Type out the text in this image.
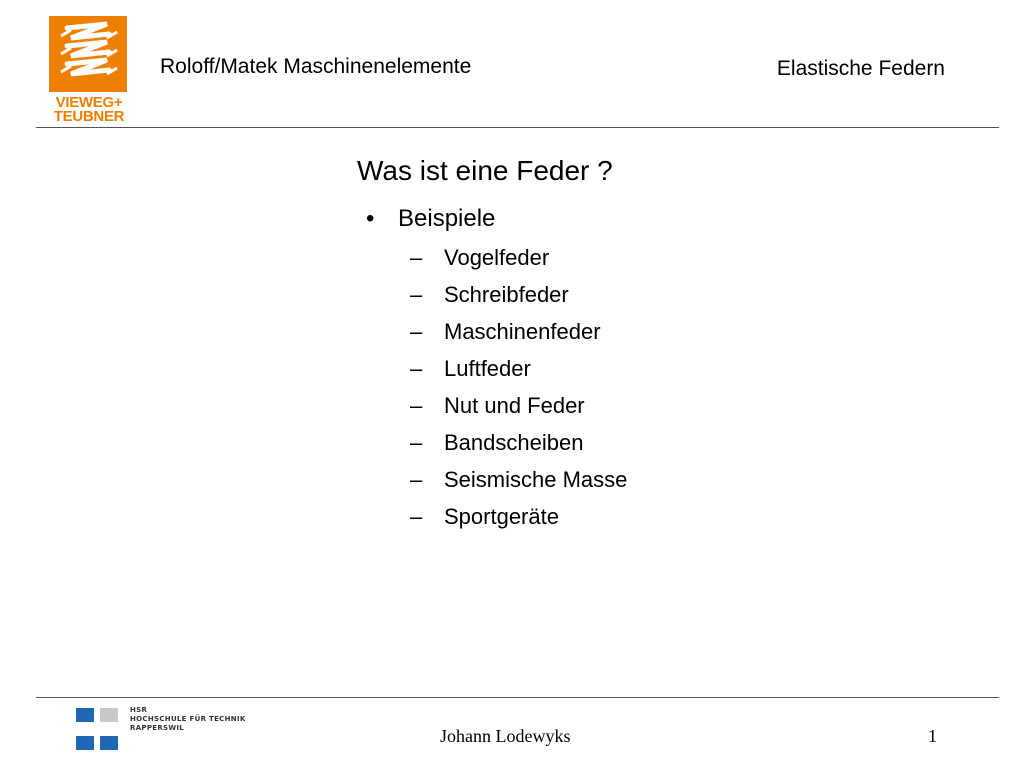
VIEWEG+
TEUBNER
Roloff/Matek Maschinenelemente	Elastische Federn
Was ist eine Feder ?
• Beispiele
– Vogelfeder
– Schreibfeder
– Maschinenfeder
– Luftfeder
– Nut und Feder
– Bandscheiben
– Seismische Masse
– Sportgeräte
HSR
HOCHSCHULE FÜR TECHNIK
RAPPERSWIL	Johann Lodewyks	1
